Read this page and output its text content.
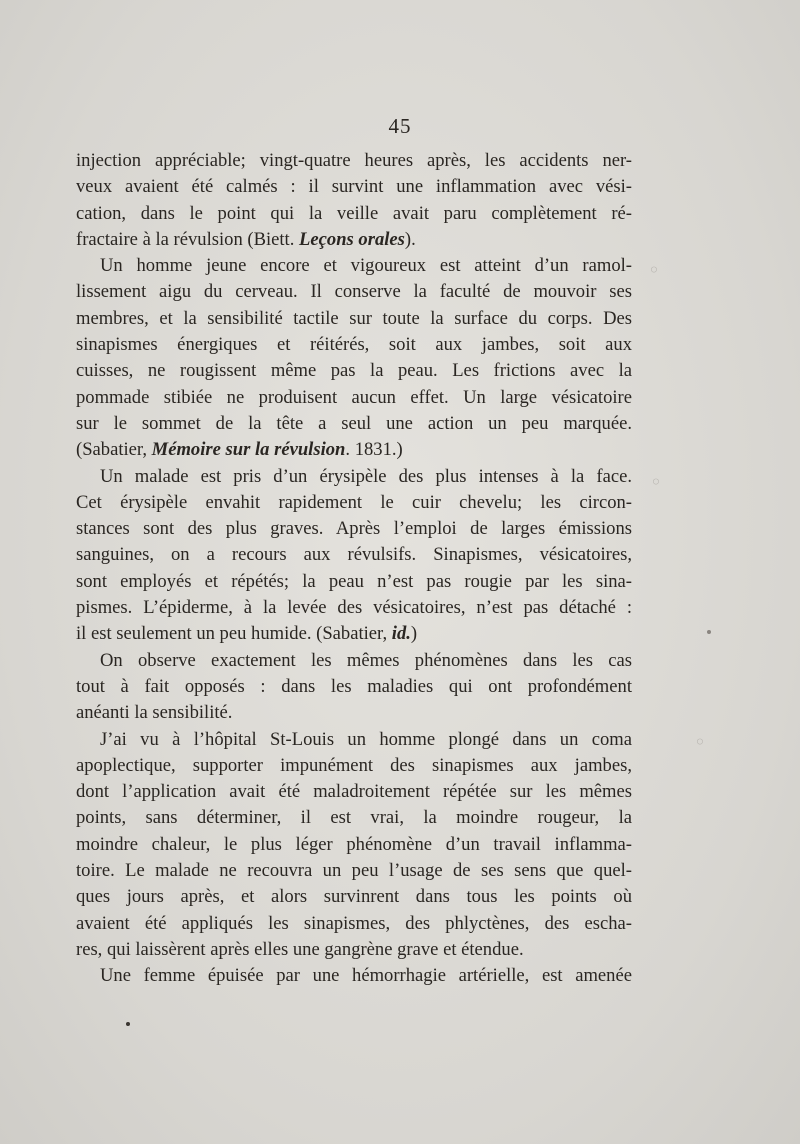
45
injection appréciable; vingt-quatre heures après, les accidents ner-
veux avaient été calmés : il survint une inflammation avec vési-
cation, dans le point qui la veille avait paru complètement ré-
fractaire à la révulsion (Biett. Leçons orales).
Un homme jeune encore et vigoureux est atteint d’un ramol-
lissement aigu du cerveau. Il conserve la faculté de mouvoir ses
membres, et la sensibilité tactile sur toute la surface du corps. Des
sinapismes énergiques et réitérés, soit aux jambes, soit aux
cuisses, ne rougissent même pas la peau. Les frictions avec la
pommade stibiée ne produisent aucun effet. Un large vésicatoire
sur le sommet de la tête a seul une action un peu marquée.
(Sabatier, Mémoire sur la révulsion. 1831.)
Un malade est pris d’un érysipèle des plus intenses à la face.
Cet érysipèle envahit rapidement le cuir chevelu; les circon-
stances sont des plus graves. Après l’emploi de larges émissions
sanguines, on a recours aux révulsifs. Sinapismes, vésicatoires,
sont employés et répétés; la peau n’est pas rougie par les sina-
pismes. L’épiderme, à la levée des vésicatoires, n’est pas détaché :
il est seulement un peu humide. (Sabatier, id.)
On observe exactement les mêmes phénomènes dans les cas
tout à fait opposés : dans les maladies qui ont profondément
anéanti la sensibilité.
J’ai vu à l’hôpital St-Louis un homme plongé dans un coma
apoplectique, supporter impunément des sinapismes aux jambes,
dont l’application avait été maladroitement répétée sur les mêmes
points, sans déterminer, il est vrai, la moindre rougeur, la
moindre chaleur, le plus léger phénomène d’un travail inflamma-
toire. Le malade ne recouvra un peu l’usage de ses sens que quel-
ques jours après, et alors survinrent dans tous les points où
avaient été appliqués les sinapismes, des phlyctènes, des escha-
res, qui laissèrent après elles une gangrène grave et étendue.
Une femme épuisée par une hémorrhagie artérielle, est amenée
◦
◦
◦
